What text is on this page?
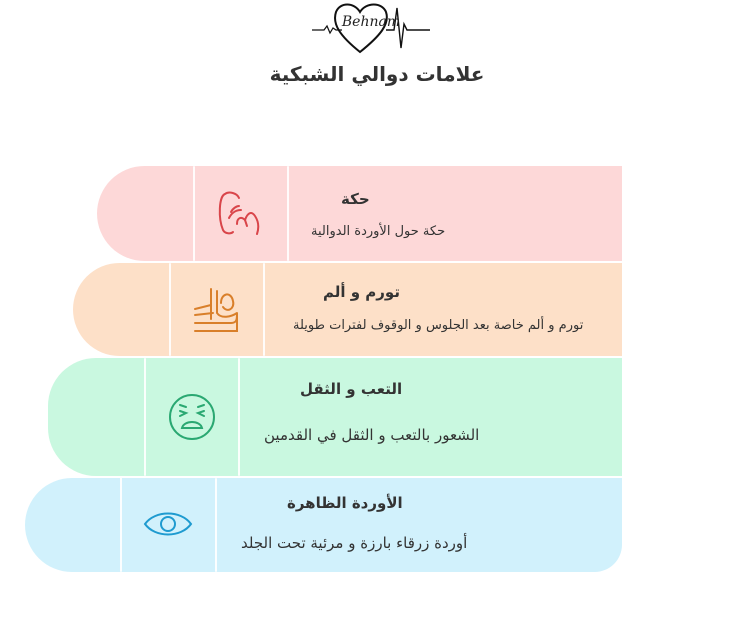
Behnam
علامات دوالي الشبكية
حكة
حكة حول الأوردة الدوالية
تورم و ألم
تورم و ألم خاصة بعد الجلوس و الوقوف لفترات طويلة
التعب و الثقل
الشعور بالتعب و الثقل في القدمين
الأوردة الظاهرة
أوردة زرقاء بارزة و مرئية تحت الجلد
